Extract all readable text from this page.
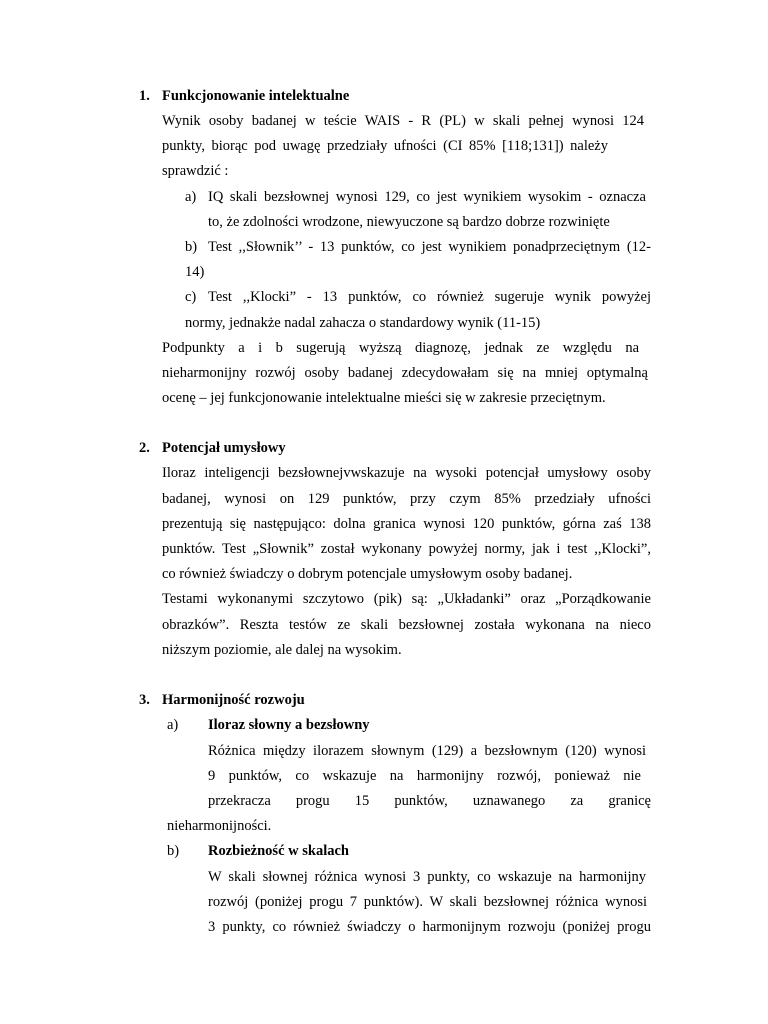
1. Funkcjonowanie intelektualne
Wynik osoby badanej w teście WAIS - R (PL) w skali pełnej wynosi 124
punkty, biorąc pod uwagę przedziały ufności (CI 85% [118;131]) należy
sprawdzić :
a) IQ skali bezsłownej wynosi 129, co jest wynikiem wysokim - oznacza
to, że zdolności wrodzone, niewyuczone są bardzo dobrze rozwinięte
b) Test ,,Słownik’’ - 13 punktów, co jest wynikiem ponadprzeciętnym (12-
14)
c) Test ,,Klocki” - 13 punktów, co również sugeruje wynik powyżej
normy, jednakże nadal zahacza o standardowy wynik (11-15)
Podpunkty a i b sugerują wyższą diagnozę, jednak ze względu na
nieharmonijny rozwój osoby badanej zdecydowałam się na mniej optymalną
ocenę – jej funkcjonowanie intelektualne mieści się w zakresie przeciętnym.
2. Potencjał umysłowy
Iloraz inteligencji bezsłownejvwskazuje na wysoki potencjał umysłowy osoby
badanej, wynosi on 129 punktów, przy czym 85% przedziały ufności
prezentują się następująco: dolna granica wynosi 120 punktów, górna zaś 138
punktów. Test „Słownik” został wykonany powyżej normy, jak i test ,,Klocki”,
co również świadczy o dobrym potencjale umysłowym osoby badanej.
Testami wykonanymi szczytowo (pik) są: „Układanki” oraz „Porządkowanie
obrazków”. Reszta testów ze skali bezsłownej została wykonana na nieco
niższym poziomie, ale dalej na wysokim.
3. Harmonijność rozwoju
a) Iloraz słowny a bezsłowny
Różnica między ilorazem słownym (129) a bezsłownym (120) wynosi
9 punktów, co wskazuje na harmonijny rozwój, ponieważ nie
przekracza progu 15 punktów, uznawanego za granicę
nieharmonijności.
b) Rozbieżność w skalach
W skali słownej różnica wynosi 3 punkty, co wskazuje na harmonijny
rozwój (poniżej progu 7 punktów). W skali bezsłownej różnica wynosi
3 punkty, co również świadczy o harmonijnym rozwoju (poniżej progu
